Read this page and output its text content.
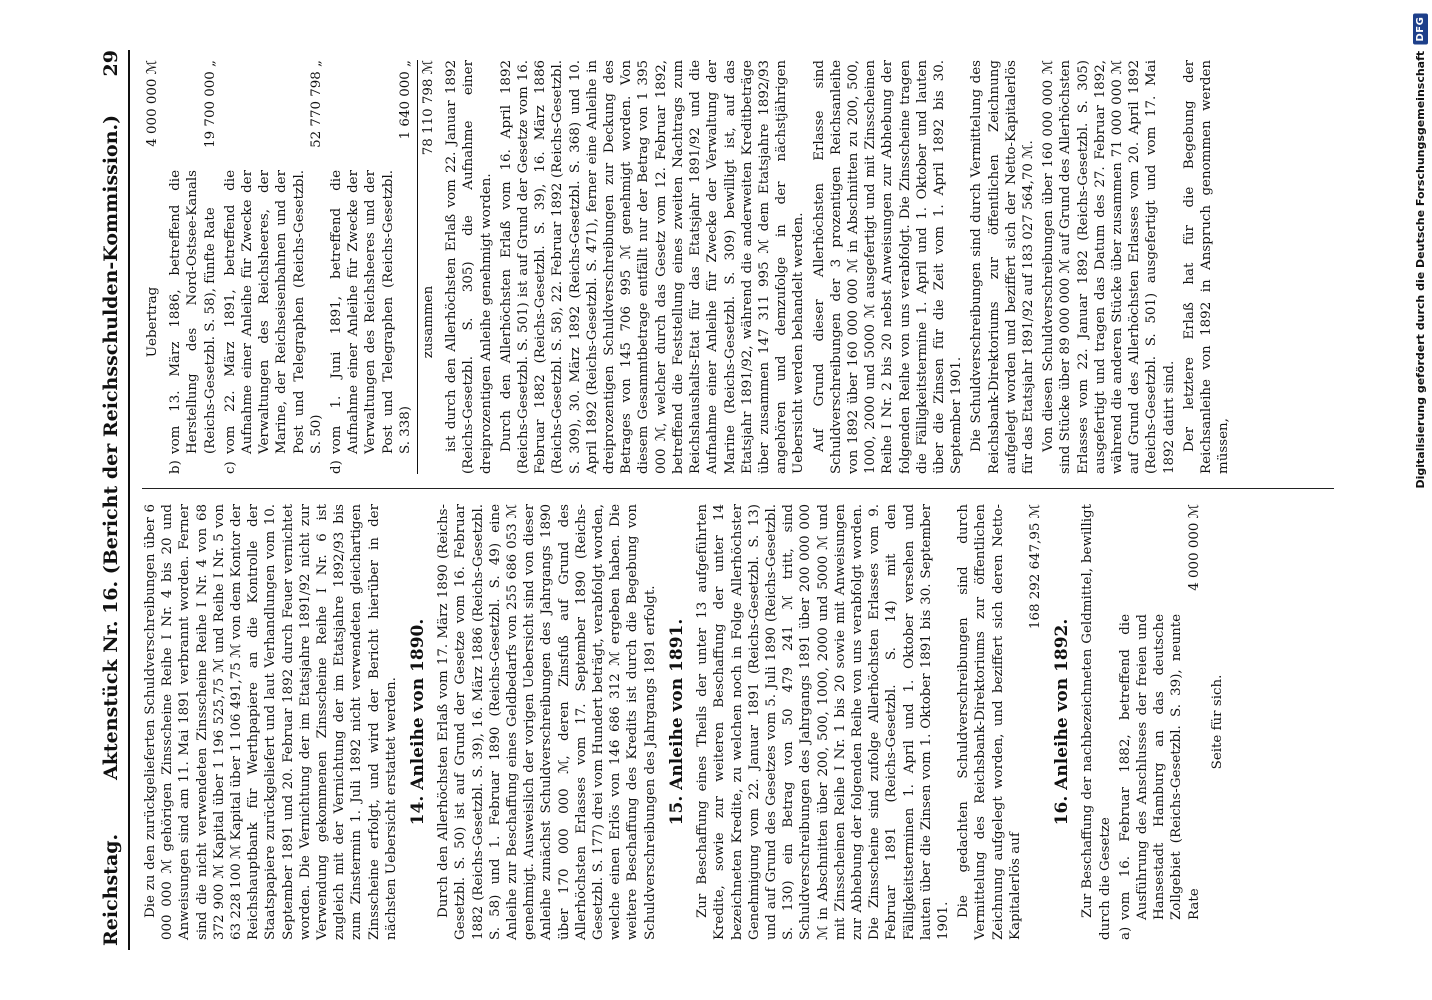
Reichstag.
Aktenstück Nr. 16. (Bericht der Reichsschulden-Kommission.)
29

Die zu den zurückgelieferten Schuldverschreibungen über 6 000 000 ℳ gehörigen Zinsscheine Reihe I Nr. 4 bis 20 und Anweisungen sind am 11. Mai 1891 verbrannt worden. Ferner sind die nicht verwendeten Zinsscheine Reihe I Nr. 4 von 68 372 900 ℳ Kapital über 1 196 525,75 ℳ und Reihe I Nr. 5 von 63 228 100 ℳ Kapital über 1 106 491,75 ℳ von dem Kontor der Reichshauptbank für Werthpapiere an die Kontrolle der Staatspapiere zurückgeliefert und laut Verhandlungen vom 10. September 1891 und 20. Februar 1892 durch Feuer vernichtet worden. Die Vernichtung der im Etatsjahre 1891/92 nicht zur Verwendung gekommenen Zinsscheine Reihe I Nr. 6 ist zugleich mit der Vernichtung der im Etatsjahre 1892/93 bis zum Zinstermin 1. Juli 1892 nicht verwendeten gleichartigen Zinsscheine erfolgt, und wird der Bericht hierüber in der nächsten Uebersicht erstattet werden. 14. Anleihe von 1890. Durch den Allerhöchsten Erlaß vom 17. März 1890 (Reichs-Gesetzbl. S. 50) ist auf Grund der Gesetze vom 16. Februar 1882 (Reichs-Gesetzbl. S. 39), 16. März 1886 (Reichs-Gesetzbl. S. 58) und 1. Februar 1890 (Reichs-Gesetzbl. S. 49) eine Anleihe zur Beschaffung eines Geldbedarfs von 255 686 053 ℳ genehmigt. Ausweislich der vorigen Uebersicht sind von dieser Anleihe zunächst Schuldverschreibungen des Jahrgangs 1890 über 170 000 000 ℳ, deren Zinsfuß auf Grund des Allerhöchsten Erlasses vom 17. September 1890 (Reichs-Gesetzbl. S. 177) drei vom Hundert beträgt, verabfolgt worden, welche einen Erlös von 146 686 312 ℳ ergeben haben. Die weitere Beschaffung des Kredits ist durch die Begebung von Schuldverschreibungen des Jahrgangs 1891 erfolgt. 15. Anleihe von 1891. Zur Beschaffung eines Theils der unter 13 aufgeführten Kredite, sowie zur weiteren Beschaffung der unter 14 bezeichneten Kredite, zu welchen noch in Folge Allerhöchster Genehmigung vom 22. Januar 1891 (Reichs-Gesetzbl. S. 13) und auf Grund des Gesetzes vom 5. Juli 1890 (Reichs-Gesetzbl. S. 130) ein Betrag von 50 479 241 ℳ tritt, sind Schuldverschreibungen des Jahrgangs 1891 über 200 000 000 ℳ in Abschnitten über 200, 500, 1000, 2000 und 5000 ℳ und mit Zinsscheinen Reihe I Nr. 1 bis 20 sowie mit Anweisungen zur Abhebung der folgenden Reihe von uns verabfolgt worden. Die Zinsscheine sind zufolge Allerhöchsten Erlasses vom 9. Februar 1891 (Reichs-Gesetzbl. S. 14) mit den Fälligkeitsterminen 1. April und 1. Oktober versehen und lauten über die Zinsen vom 1. Oktober 1891 bis 30. September 1901.

Die gedachten Schuldverschreibungen sind durch Vermittelung des Reichsbank-Direktoriums zur öffentlichen Zeichnung aufgelegt worden, und beziffert sich deren Netto-Kapitalerlös auf

168 292 647,95 ℳ
16. Anleihe von 1892. Zur Beschaffung der nachbezeichneten Geldmittel, bewilligt durch die Gesetze a)
vom 16. Februar 1882, betreffend die Ausführung des Anschlusses der freien und Hansestadt Hamburg an das deutsche Zollgebiet (Reichs-Gesetzbl. S. 39), neunte Rate
4 000 000 ℳ
Seite für sich.
Uebertrag
4 000 000 ℳ
b)
vom 13. März 1886, betreffend die Herstellung des Nord-Ostsee-Kanals (Reichs-Gesetzbl. S. 58), fünfte Rate
19 700 000 „
c)
vom 22. März 1891, betreffend die Aufnahme einer Anleihe für Zwecke der Verwaltungen des Reichsheeres, der Marine, der Reichseisenbahnen und der Post und Telegraphen (Reichs-Gesetzbl. S. 50)
52 770 798 „
d)
vom 1. Juni 1891, betreffend die Aufnahme einer Anleihe für Zwecke der Verwaltungen des Reichsheeres und der Post und Telegraphen (Reichs-Gesetzbl. S. 338)
1 640 000 „
zusammen
78 110 798 ℳ ist durch den Allerhöchsten Erlaß vom 22. Januar 1892 (Reichs-Gesetzbl. S. 305) die Aufnahme einer dreiprozentigen Anleihe genehmigt worden. Durch den Allerhöchsten Erlaß vom 16. April 1892 (Reichs-Gesetzbl. S. 501) ist auf Grund der Gesetze vom 16. Februar 1882 (Reichs-Gesetzbl. S. 39), 16. März 1886 (Reichs-Gesetzbl. S. 58), 22. Februar 1892 (Reichs-Gesetzbl. S. 309), 30. März 1892 (Reichs-Gesetzbl. S. 368) und 10. April 1892 (Reichs-Gesetzbl. S. 471), ferner eine Anleihe in dreiprozentigen Schuldverschreibungen zur Deckung des Betrages von 145 706 995 ℳ genehmigt worden. Von diesem Gesammtbetrage entfällt nur der Betrag von 1 395 000 ℳ, welcher durch das Gesetz vom 12. Februar 1892, betreffend die Feststellung eines zweiten Nachtrags zum Reichshaushalts-Etat für das Etatsjahr 1891/92 und die Aufnahme einer Anleihe für Zwecke der Verwaltung der Marine (Reichs-Gesetzbl. S. 309) bewilligt ist, auf das Etatsjahr 1891/92, während die anderweiten Kreditbeträge über zusammen 147 311 995 ℳ dem Etatsjahre 1892/93 angehören und demzufolge in der nächstjährigen Uebersicht werden behandelt werden. Auf Grund dieser Allerhöchsten Erlasse sind Schuldverschreibungen der 3 prozentigen Reichsanleihe von 1892 über 160 000 000 ℳ in Abschnitten zu 200, 500, 1000, 2000 und 5000 ℳ ausgefertigt und mit Zinsscheinen Reihe I Nr. 2 bis 20 nebst Anweisungen zur Abhebung der folgenden Reihe von uns verabfolgt. Die Zinsscheine tragen die Fälligkeitstermine 1. April und 1. Oktober und lauten über die Zinsen für die Zeit vom 1. April 1892 bis 30. September 1901. Die Schuldverschreibungen sind durch Vermittelung des Reichsbank-Direktoriums zur öffentlichen Zeichnung aufgelegt worden und beziffert sich der Netto-Kapitalerlös für das Etatsjahr 1891/92 auf 183 027 564,70 ℳ. Von diesen Schuldverschreibungen über 160 000 000 ℳ sind Stücke über 89 000 000 ℳ auf Grund des Allerhöchsten Erlasses vom 22. Januar 1892 (Reichs-Gesetzbl. S. 305) ausgefertigt und tragen das Datum des 27. Februar 1892, während die anderen Stücke über zusammen 71 000 000 ℳ auf Grund des Allerhöchsten Erlasses vom 20. April 1892 (Reichs-Gesetzbl. S. 501) ausgefertigt und vom 17. Mai 1892 datirt sind. Der letztere Erlaß hat für die Begebung der Reichsanleihe von 1892 in Anspruch genommen werden müssen,	Digitalisierung gefördert durch die Deutsche Forschungsgemeinschaft
DFG
